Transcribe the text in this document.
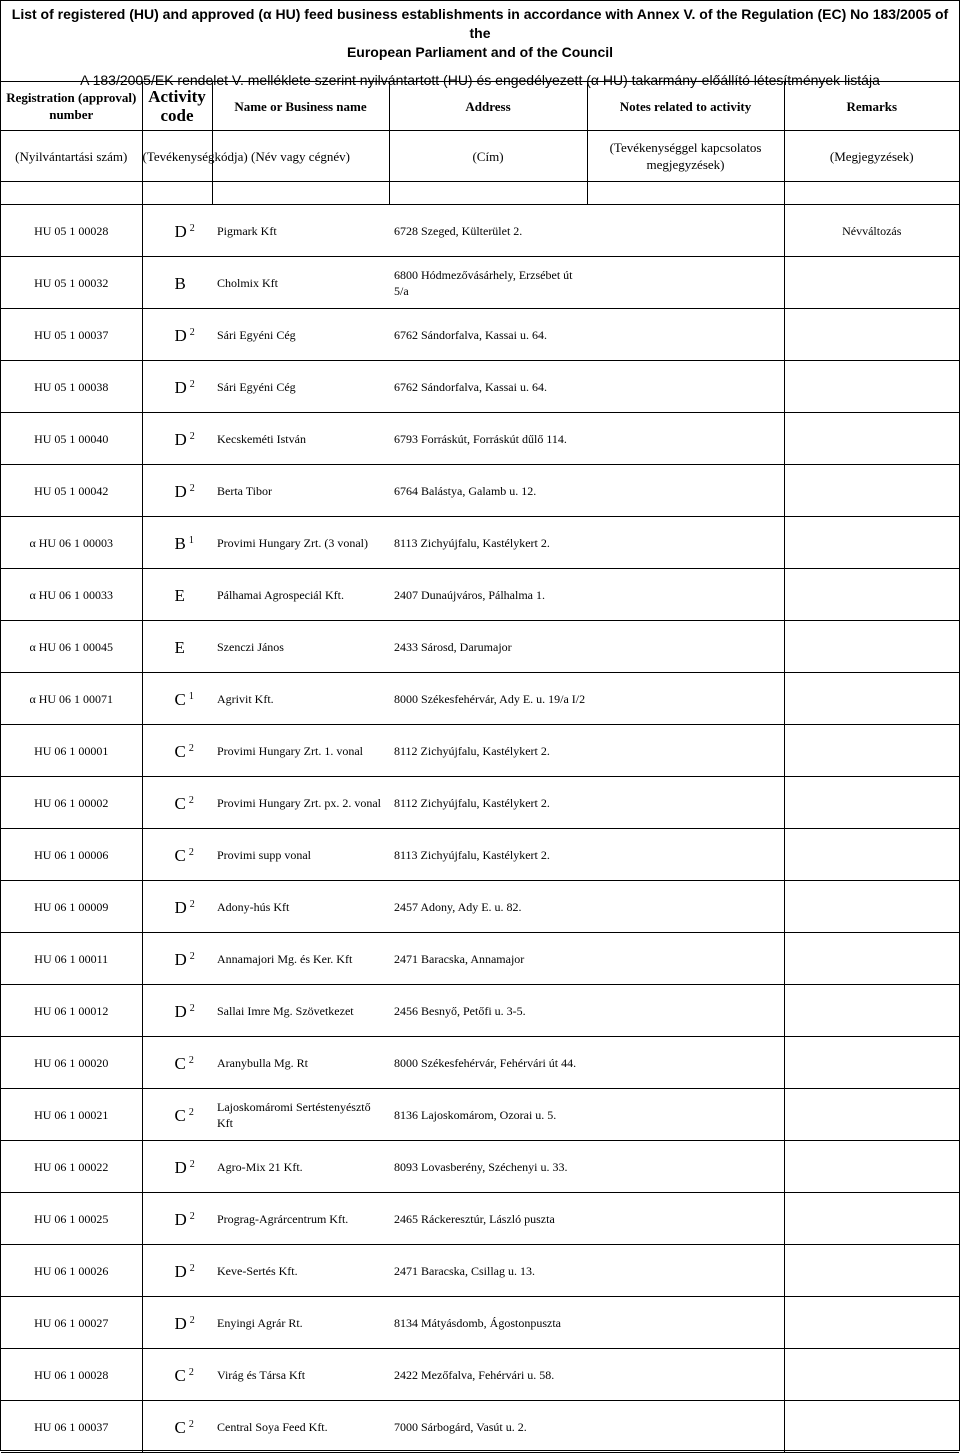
List of registered (HU) and approved (α HU) feed business establishments in accordance with Annex V. of the Regulation (EC) No 183/2005 of the
European Parliament and of the Council
A 183/2005/EK rendelet V. melléklete szerint nyilvántartott (HU) és engedélyezett (α HU) takarmány-előállító létesítmények listája
Registration (approval) number	Activity code	Name or Business name	Address	Notes related to activity	Remarks
(Nyilvántartási szám)	(Tevékenységkódja)	(Név vagy cégnév)	(Cím)	(Tevékenységgel kapcsolatos megjegyzések)	(Megjegyzések)

HU 05 1 00028	D $^2$	Pigmark Kft	6728 Szeged, Külterület 2.		Névváltozás
HU 05 1 00032	B	Cholmix Kft	6800 Hódmezővásárhely, Erzsébet út 5/a		
HU 05 1 00037	D $^2$	Sári Egyéni Cég	6762 Sándorfalva, Kassai u. 64.		
HU 05 1 00038	D $^2$	Sári Egyéni Cég	6762 Sándorfalva, Kassai u. 64.		
HU 05 1 00040	D $^2$	Kecskeméti István	6793 Forráskút, Forráskút dűlő 114.		
HU 05 1 00042	D $^2$	Berta Tibor	6764 Balástya, Galamb u. 12.		
α HU 06 1 00003	B $^1$	Provimi Hungary Zrt. (3 vonal)	8113 Zichyújfalu, Kastélykert 2.		
α HU 06 1 00033	E	Pálhamai Agrospeciál Kft.	2407 Dunaújváros, Pálhalma 1.		
α HU 06 1 00045	E	Szenczi János	2433 Sárosd, Darumajor		
α HU 06 1 00071	C $^1$	Agrivit Kft.	8000 Székesfehérvár, Ady E. u. 19/a I/2		
HU 06 1 00001	C $^2$	Provimi Hungary Zrt. 1. vonal	8112 Zichyújfalu, Kastélykert 2.		
HU 06 1 00002	C $^2$	Provimi Hungary Zrt. px. 2. vonal	8112 Zichyújfalu, Kastélykert 2.		
HU 06 1 00006	C $^2$	Provimi supp vonal	8113 Zichyújfalu, Kastélykert 2.		
HU 06 1 00009	D $^2$	Adony-hús Kft	2457 Adony, Ady E. u. 82.		
HU 06 1 00011	D $^2$	Annamajori Mg. és Ker. Kft	2471 Baracska, Annamajor		
HU 06 1 00012	D $^2$	Sallai Imre Mg. Szövetkezet	2456 Besnyő, Petőfi u. 3-5.		
HU 06 1 00020	C $^2$	Aranybulla Mg. Rt	8000 Székesfehérvár, Fehérvári út 44.		
HU 06 1 00021	C $^2$	Lajoskomáromi Sertéstenyésztő Kft	8136 Lajoskomárom, Ozorai u. 5.		
HU 06 1 00022	D $^2$	Agro-Mix 21 Kft.	8093 Lovasberény, Széchenyi u. 33.		
HU 06 1 00025	D $^2$	Prograg-Agrárcentrum Kft.	2465 Ráckeresztúr, László puszta		
HU 06 1 00026	D $^2$	Keve-Sertés Kft.	2471 Baracska, Csillag u. 13.		
HU 06 1 00027	D $^2$	Enyingi Agrár Rt.	8134 Mátyásdomb, Ágostonpuszta		
HU 06 1 00028	C $^2$	Virág és Társa Kft	2422 Mezőfalva, Fehérvári u. 58.		
HU 06 1 00037	C $^2$	Central Soya Feed Kft.	7000 Sárbogárd, Vasút u. 2.		
